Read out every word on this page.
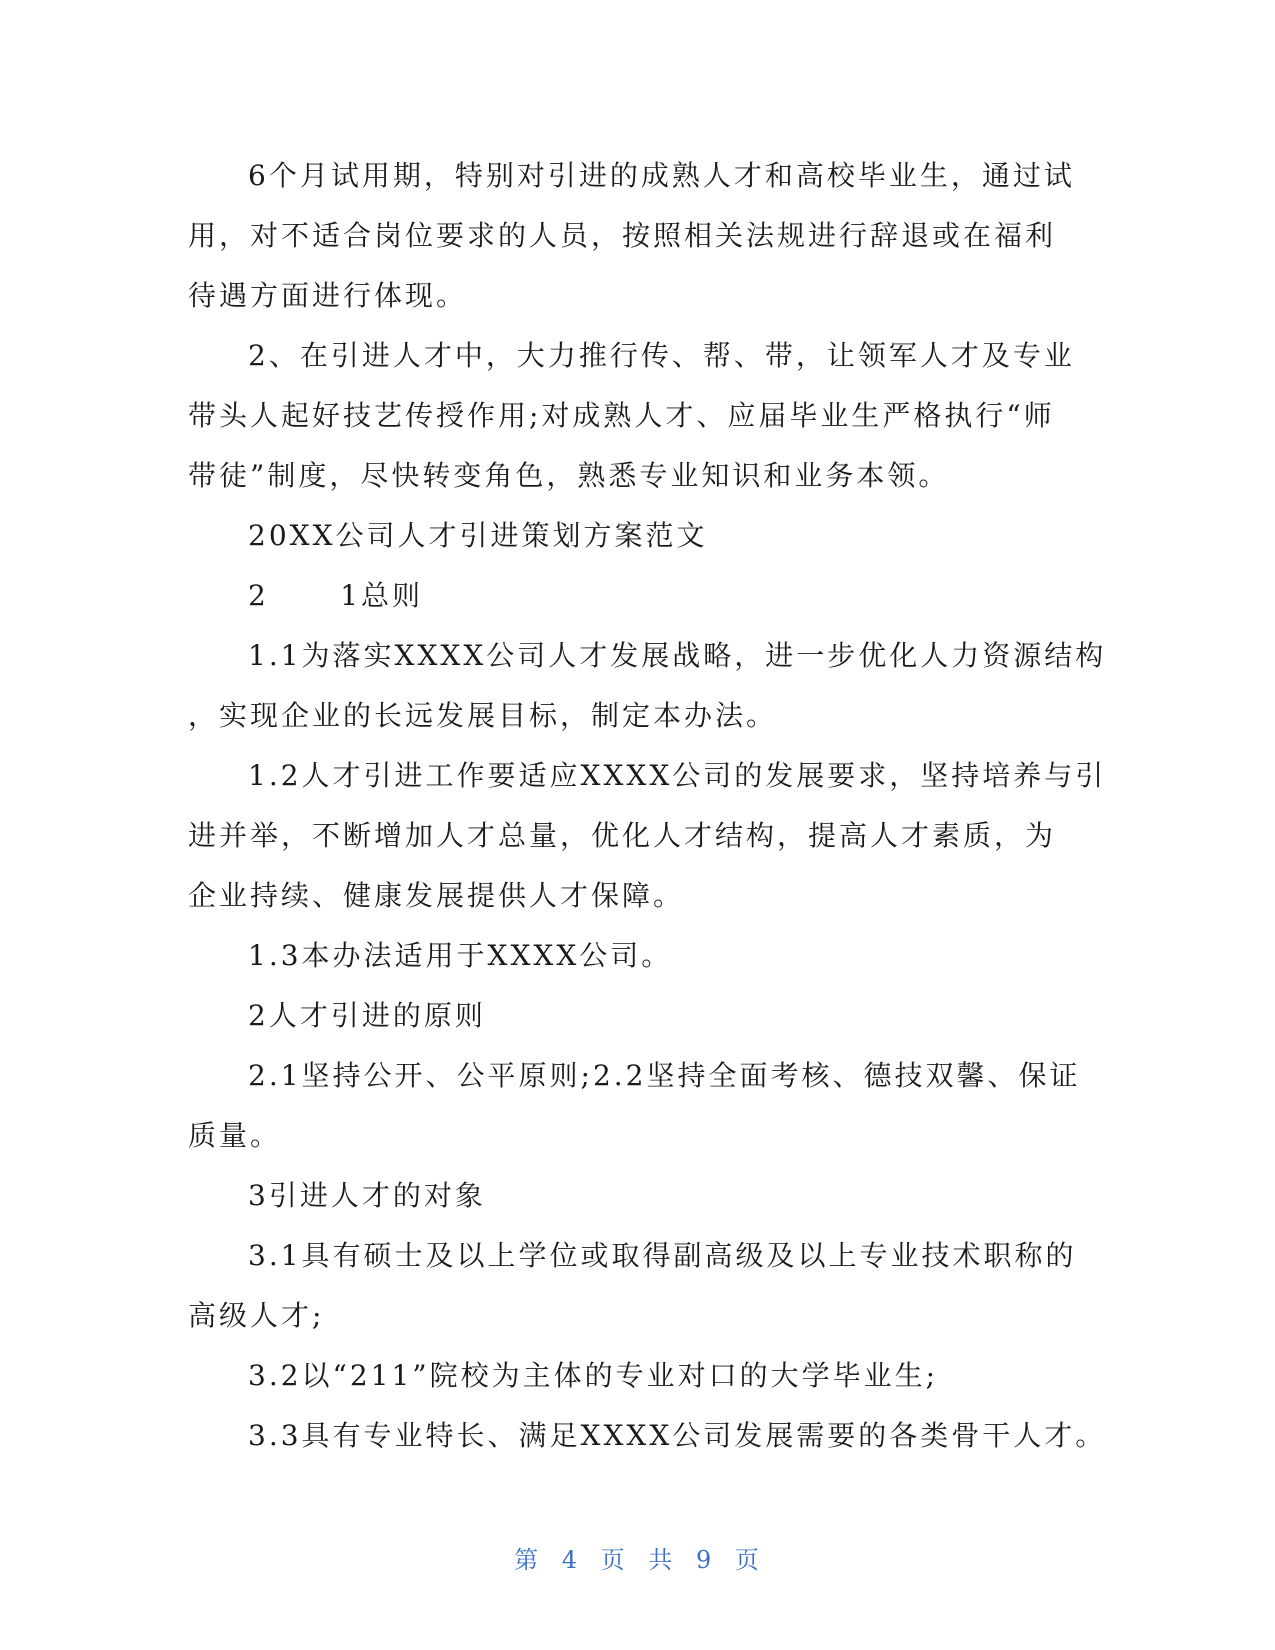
6个月试用期，特别对引进的成熟人才和高校毕业生，通过试
用，对不适合岗位要求的人员，按照相关法规进行辞退或在福利
待遇方面进行体现。
2、在引进人才中，大力推行传、帮、带，让领军人才及专业
带头人起好技艺传授作用;对成熟人才、应届毕业生严格执行“师
带徒”制度，尽快转变角色，熟悉专业知识和业务本领。
20XX公司人才引进策划方案范文
2      1总则
1.1为落实XXXX公司人才发展战略，进一步优化人力资源结构
，实现企业的长远发展目标，制定本办法。
1.2人才引进工作要适应XXXX公司的发展要求，坚持培养与引
进并举，不断增加人才总量，优化人才结构，提高人才素质，为
企业持续、健康发展提供人才保障。
1.3本办法适用于XXXX公司。
2人才引进的原则
2.1坚持公开、公平原则;2.2坚持全面考核、德技双馨、保证
质量。
3引进人才的对象
3.1具有硕士及以上学位或取得副高级及以上专业技术职称的
高级人才;
3.2以“211”院校为主体的专业对口的大学毕业生;
3.3具有专业特长、满足XXXX公司发展需要的各类骨干人才。
第 4 页 共 9 页
